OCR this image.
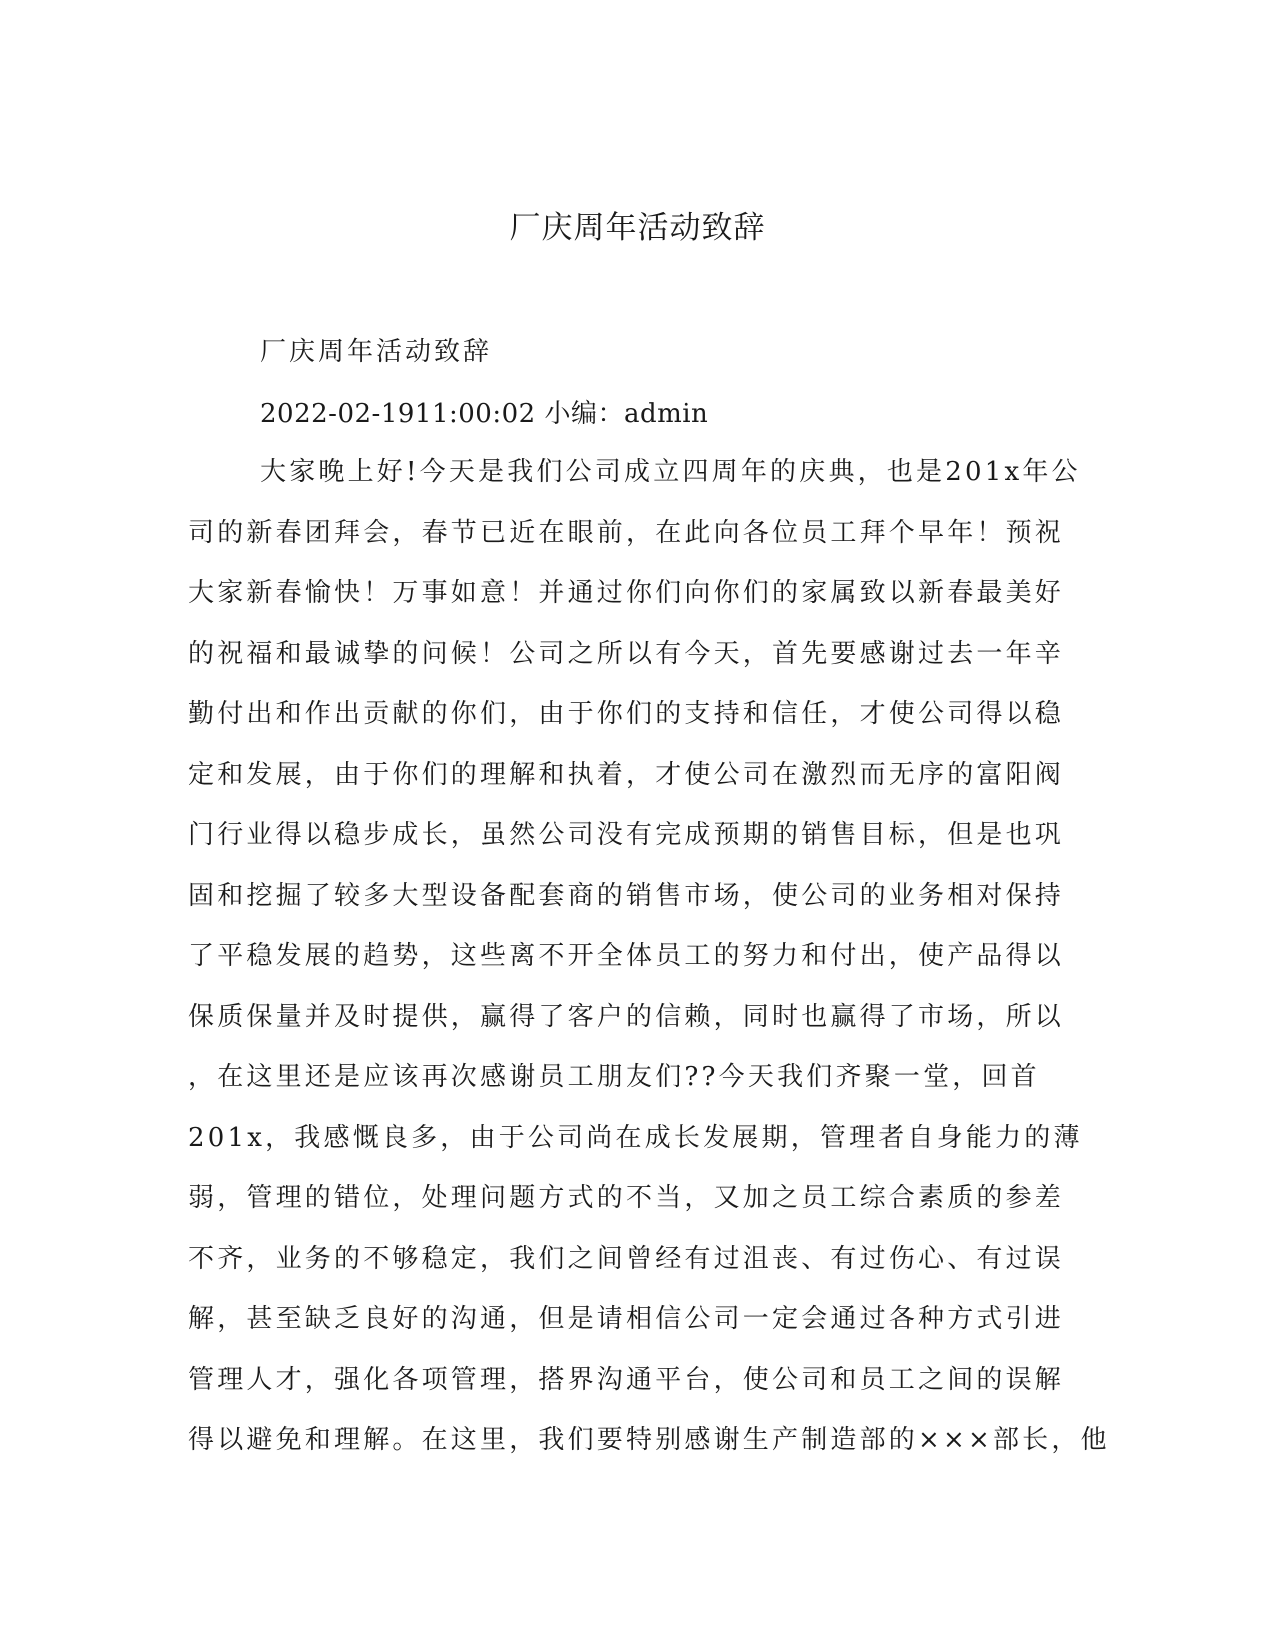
厂庆周年活动致辞

厂庆周年活动致辞

2022-02-1911:00:02 小编：admin

大家晚上好!今天是我们公司成立四周年的庆典，也是201x年公
司的新春团拜会，春节已近在眼前，在此向各位员工拜个早年！预祝
大家新春愉快！万事如意！并通过你们向你们的家属致以新春最美好
的祝福和最诚挚的问候！公司之所以有今天，首先要感谢过去一年辛
勤付出和作出贡献的你们，由于你们的支持和信任，才使公司得以稳
定和发展，由于你们的理解和执着，才使公司在激烈而无序的富阳阀
门行业得以稳步成长，虽然公司没有完成预期的销售目标，但是也巩
固和挖掘了较多大型设备配套商的销售市场，使公司的业务相对保持
了平稳发展的趋势，这些离不开全体员工的努力和付出，使产品得以
保质保量并及时提供，赢得了客户的信赖，同时也赢得了市场，所以
，在这里还是应该再次感谢员工朋友们??今天我们齐聚一堂，回首
201x，我感慨良多，由于公司尚在成长发展期，管理者自身能力的薄
弱，管理的错位，处理问题方式的不当，又加之员工综合素质的参差
不齐，业务的不够稳定，我们之间曾经有过沮丧、有过伤心、有过误
解，甚至缺乏良好的沟通，但是请相信公司一定会通过各种方式引进
管理人才，强化各项管理，搭界沟通平台，使公司和员工之间的误解
得以避免和理解。在这里，我们要特别感谢生产制造部的×××部长，他
